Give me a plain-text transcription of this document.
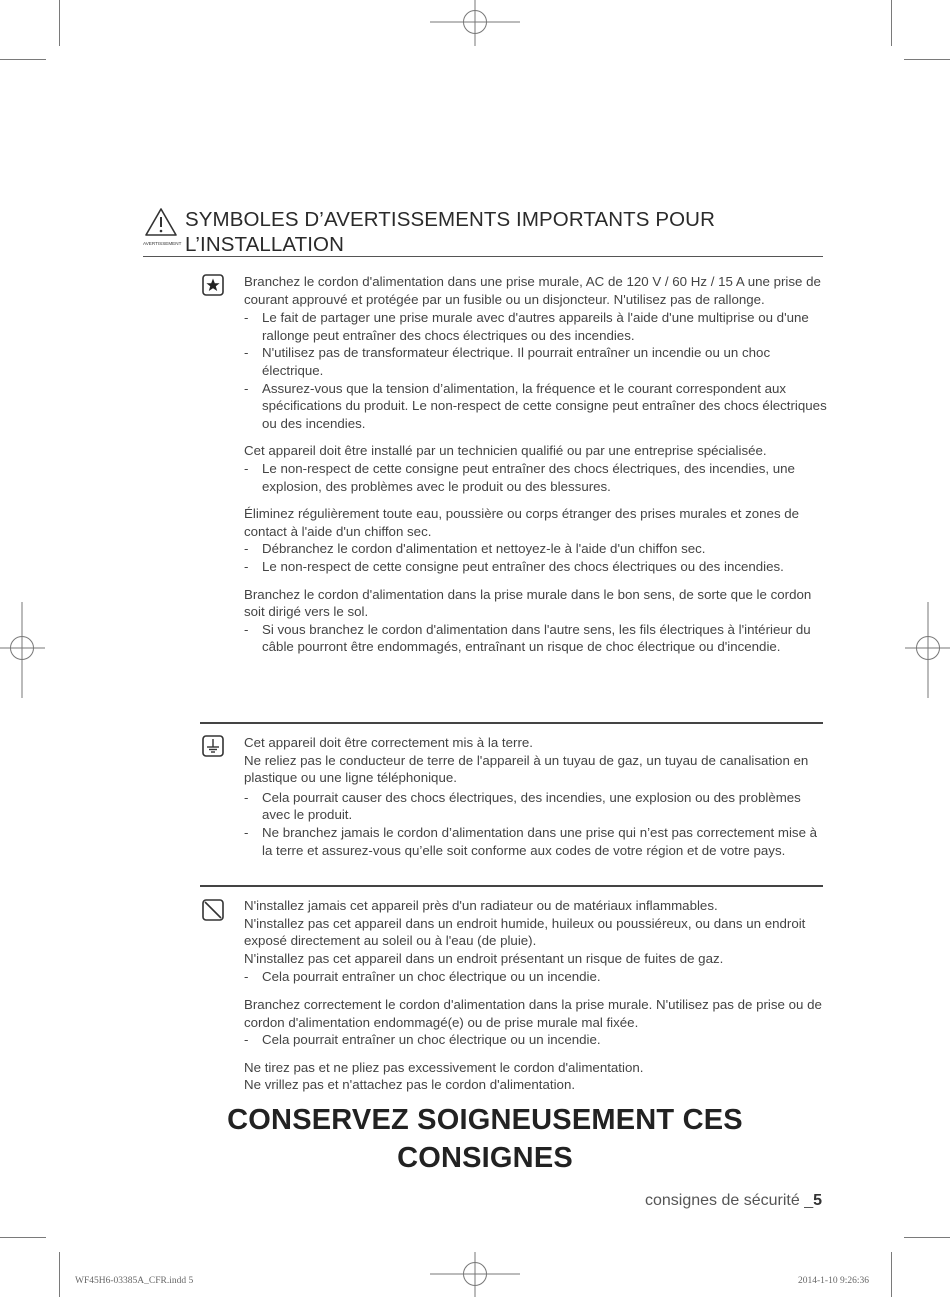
AVERTISSEMENT
SYMBOLES D’AVERTISSEMENTS IMPORTANTS POUR
L’INSTALLATION

Branchez le cordon d'alimentation dans une prise murale, AC de 120 V / 60 Hz / 15 A une prise de courant approuvé et protégée par un fusible ou un disjoncteur. N'utilisez pas de rallonge.

- Le fait de partager une prise murale avec d'autres appareils à l'aide d'une multiprise ou d'une rallonge peut entraîner des chocs électriques ou des incendies.

- N'utilisez pas de transformateur électrique. Il pourrait entraîner un incendie ou un choc électrique.

- Assurez-vous que la tension d’alimentation, la fréquence et le courant correspondent aux spécifications du produit. Le non-respect de cette consigne peut entraîner des chocs électriques ou des incendies.

Cet appareil doit être installé par un technicien qualifié ou par une entreprise spécialisée.

- Le non-respect de cette consigne peut entraîner des chocs électriques, des incendies, une explosion, des problèmes avec le produit ou des blessures.

Éliminez régulièrement toute eau, poussière ou corps étranger des prises murales et zones de contact à l'aide d'un chiffon sec.

- Débranchez le cordon d'alimentation et nettoyez-le à l'aide d'un chiffon sec.

- Le non-respect de cette consigne peut entraîner des chocs électriques ou des incendies.

Branchez le cordon d'alimentation dans la prise murale dans le bon sens, de sorte que le cordon soit dirigé vers le sol.

- Si vous branchez le cordon d'alimentation dans l'autre sens, les fils électriques à l'intérieur du câble pourront être endommagés, entraînant un risque de choc électrique ou d'incendie.

Cet appareil doit être correctement mis à la terre.

Ne reliez pas le conducteur de terre de l'appareil à un tuyau de gaz, un tuyau de canalisation en plastique ou une ligne téléphonique.

- Cela pourrait causer des chocs électriques, des incendies, une explosion ou des problèmes avec le produit.

- Ne branchez jamais le cordon d’alimentation dans une prise qui n’est pas correctement mise à la terre et assurez-vous qu’elle soit conforme aux codes de votre région et de votre pays.

N'installez jamais cet appareil près d'un radiateur ou de matériaux inflammables.

N'installez pas cet appareil dans un endroit humide, huileux ou poussiéreux, ou dans un endroit exposé directement au soleil ou à l'eau (de pluie).

N'installez pas cet appareil dans un endroit présentant un risque de fuites de gaz.

- Cela pourrait entraîner un choc électrique ou un incendie.

Branchez correctement le cordon d'alimentation dans la prise murale. N'utilisez pas de prise ou de cordon d'alimentation endommagé(e) ou de prise murale mal fixée.

- Cela pourrait entraîner un choc électrique ou un incendie.

Ne tirez pas et ne pliez pas excessivement le cordon d'alimentation.

Ne vrillez pas et n'attachez pas le cordon d'alimentation.

CONSERVEZ SOIGNEUSEMENT CES
CONSIGNES
consignes de sécurité _5
WF45H6-03385A_CFR.indd 5	2014-1-10 9:26:36
